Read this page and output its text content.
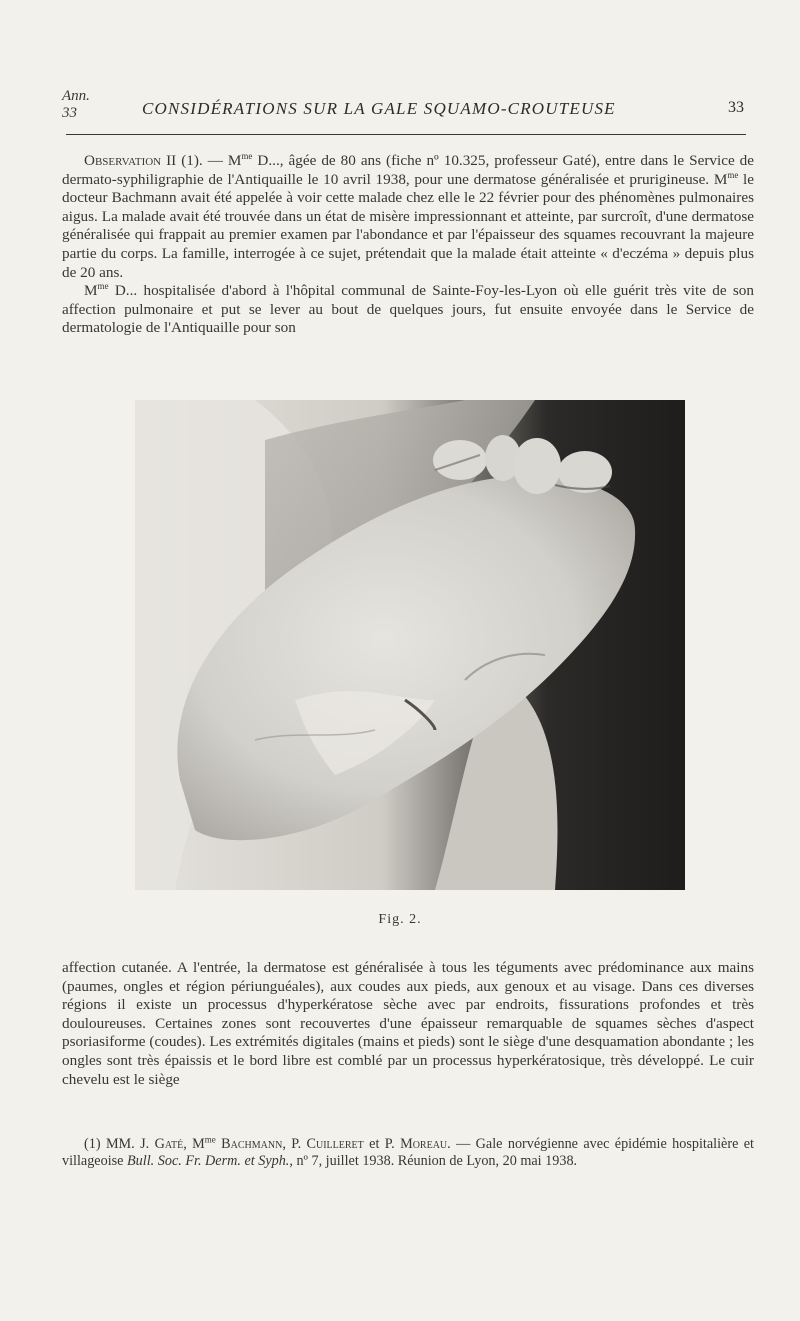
Ann.
33	CONSIDÉRATIONS SUR LA GALE SQUAMO-CROUTEUSE	33

Observation II (1). — $M^{me}$ D..., âgée de 80 ans (fiche nº 10.325, professeur Gaté), entre dans le Service de dermato-syphiligraphie de l'Antiquaille le 10 avril 1938, pour une dermatose généralisée et prurigineuse. $M^{me}$ le docteur Bachmann avait été appelée à voir cette malade chez elle le 22 février pour des phénomènes pulmonaires aigus. La malade avait été trouvée dans un état de misère impressionnant et atteinte, par surcroît, d'une dermatose généralisée qui frappait au premier examen par l'abondance et par l'épaisseur des squames recouvrant la majeure partie du corps. La famille, interrogée à ce sujet, prétendait que la malade était atteinte « d'eczéma » depuis plus de 20 ans.

$M^{me}$ D... hospitalisée d'abord à l'hôpital communal de Sainte-Foy-les-Lyon où elle guérit très vite de son affection pulmonaire et put se lever au bout de quelques jours, fut ensuite envoyée dans le Service de dermatologie de l'Antiquaille pour son

Fig. 2.

affection cutanée. A l'entrée, la dermatose est généralisée à tous les téguments avec prédominance aux mains (paumes, ongles et région périunguéales), aux coudes aux pieds, aux genoux et au visage. Dans ces diverses régions il existe un processus d'hyperkératose sèche avec par endroits, fissurations profondes et très douloureuses. Certaines zones sont recouvertes d'une épaisseur remarquable de squames sèches d'aspect psoriasiforme (coudes). Les extrémités digitales (mains et pieds) sont le siège d'une desquamation abondante ; les ongles sont très épaissis et le bord libre est comblé par un processus hyperkératosique, très développé. Le cuir chevelu est le siège

(1) MM. J. Gaté, $M^{me}$ Bachmann, P. Cuilleret et P. Moreau. — Gale norvégienne avec épidémie hospitalière et villageoise Bull. Soc. Fr. Derm. et Syph., nº 7, juillet 1938. Réunion de Lyon, 20 mai 1938.
